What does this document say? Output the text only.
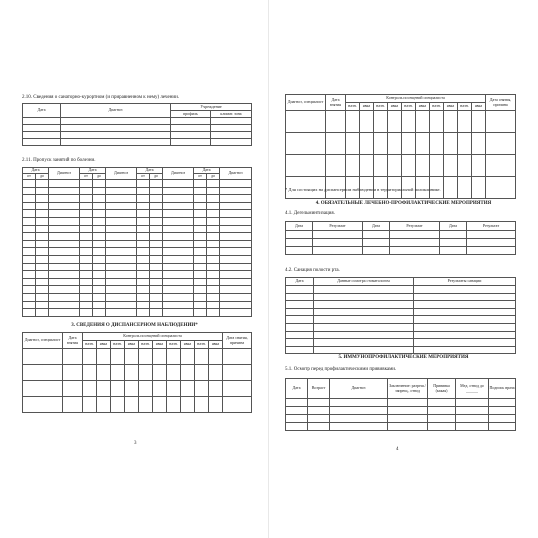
2.10. Сведения о санаторно-курортном (и приравненном к нему) лечении.
Дата	Диагноз	Учреждение	
		профиль	климат. зона

2.11. Пропуск занятий по болезни.
Дата		Диагноз	Дата		Диагноз	Дата		Диагноз	Дата		Диагноз
от	до		от	до		от	до		от	до	

3. СВЕДЕНИЯ О ДИСПАНСЕРНОМ НАБЛЮДЕНИИ*
Диагноз, специалист	Дата взятия	Контроль посещений специалиста										Дата снятия, причина
		назн.	явка	назн.	явка	назн.	явка	назн.	явка	назн.	явка	

3
Диагноз, специалист	Дата взятия	Контроль посещений специалиста										Дата снятия, причина
		назн.	явка	назн.	явка	назн.	явка	назн.	явка	назн.	явка	

* Для состоящих на диспансерном наблюдении в территориальной поликлинике.
4. ОБЯЗАТЕЛЬНЫЕ ЛЕЧЕБНО-ПРОФИЛАКТИЧЕСКИЕ МЕРОПРИЯТИЯ
4.1. Дегельминтизация.
Дата	Результат	Дата	Результат	Дата	Результат

4.2. Санация полости рта.
Дата	Данные осмотра стоматологом	Результаты санации

5. ИММУНОПРОФИЛАКТИЧЕСКИЕ МЕРОПРИЯТИЯ
5.1. Осмотр перед профилактическими прививками.
Дата	Возраст	Диагноз	Заключение: разреш./запрещ., отвод	Прививка (какая)	Мед. отвод до ______	Подпись врача

4
